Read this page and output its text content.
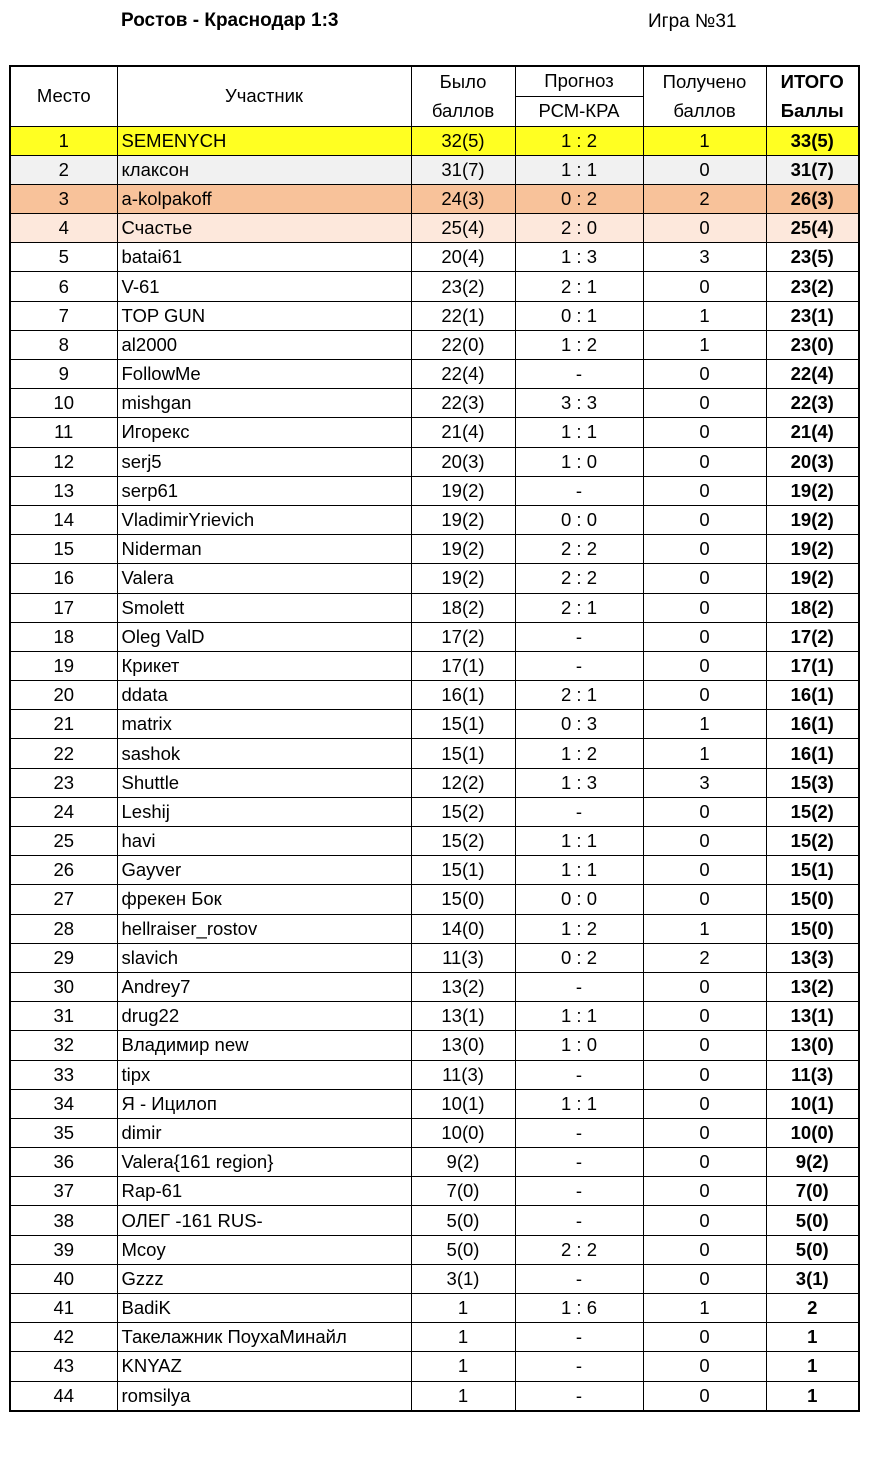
Ростов - Краснодар 1:3	Игра №31
Место	Участник	Было	Прогноз	Получено	ИТОГО
		баллов	РСМ-КРА	баллов	Баллы
1	SEMENYCH	32(5)	1 : 2	1	33(5)
2	клаксон	31(7)	1 : 1	0	31(7)
3	a-kolpakoff	24(3)	0 : 2	2	26(3)
4	Счастье	25(4)	2 : 0	0	25(4)
5	batai61	20(4)	1 : 3	3	23(5)
6	V-61	23(2)	2 : 1	0	23(2)
7	TOP GUN	22(1)	0 : 1	1	23(1)
8	al2000	22(0)	1 : 2	1	23(0)
9	FollowMe	22(4)	-	0	22(4)
10	mishgan	22(3)	3 : 3	0	22(3)
11	Игорекс	21(4)	1 : 1	0	21(4)
12	serj5	20(3)	1 : 0	0	20(3)
13	serp61	19(2)	-	0	19(2)
14	VladimirYrievich	19(2)	0 : 0	0	19(2)
15	Niderman	19(2)	2 : 2	0	19(2)
16	Valera	19(2)	2 : 2	0	19(2)
17	Smolett	18(2)	2 : 1	0	18(2)
18	Oleg ValD	17(2)	-	0	17(2)
19	Крикет	17(1)	-	0	17(1)
20	ddata	16(1)	2 : 1	0	16(1)
21	matrix	15(1)	0 : 3	1	16(1)
22	sashok	15(1)	1 : 2	1	16(1)
23	Shuttle	12(2)	1 : 3	3	15(3)
24	Leshij	15(2)	-	0	15(2)
25	havi	15(2)	1 : 1	0	15(2)
26	Gayver	15(1)	1 : 1	0	15(1)
27	фрекен Бок	15(0)	0 : 0	0	15(0)
28	hellraiser_rostov	14(0)	1 : 2	1	15(0)
29	slavich	11(3)	0 : 2	2	13(3)
30	Andrey7	13(2)	-	0	13(2)
31	drug22	13(1)	1 : 1	0	13(1)
32	Владимир new	13(0)	1 : 0	0	13(0)
33	tipx	11(3)	-	0	11(3)
34	Я - Ицилоп	10(1)	1 : 1	0	10(1)
35	dimir	10(0)	-	0	10(0)
36	Valera{161 region}	9(2)	-	0	9(2)
37	Rap-61	7(0)	-	0	7(0)
38	ОЛЕГ -161 RUS-	5(0)	-	0	5(0)
39	Mcoy	5(0)	2 : 2	0	5(0)
40	Gzzz	3(1)	-	0	3(1)
41	BadiK	1	1 : 6	1	2
42	Такелажник ПоухаМинайл	1	-	0	1
43	KNYAZ	1	-	0	1
44	romsilya	1	-	0	1
